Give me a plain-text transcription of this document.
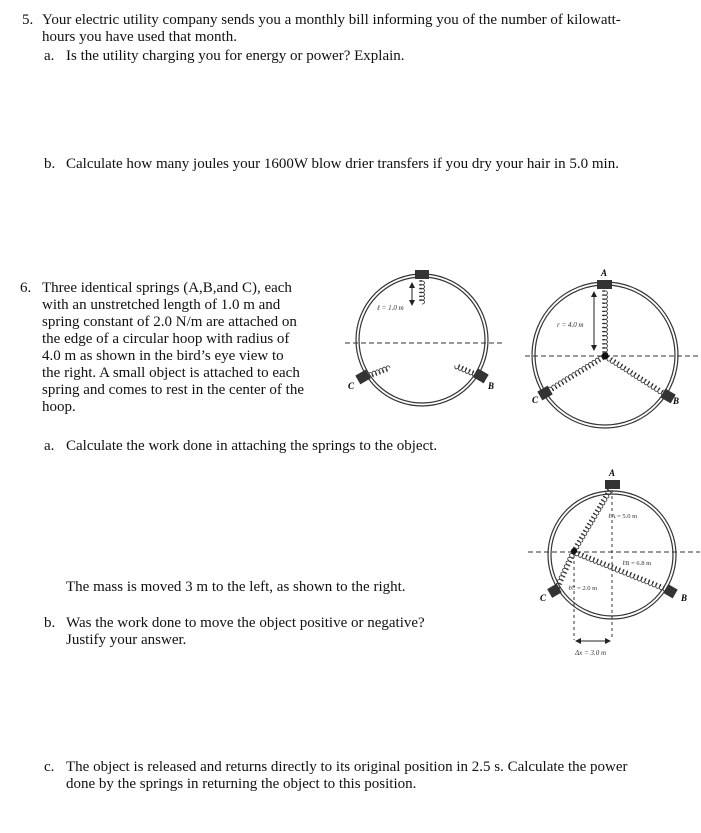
5. Your electric utility company sends you a monthly bill informing you of the number of kilowatt-
hours you have used that month.
a. Is the utility charging you for energy or power? Explain.
b. Calculate how many joules your 1600W blow drier transfers if you dry your hair in 5.0 min.
6. Three identical springs (A,B,and C), each
with an unstretched length of 1.0 m and
spring constant of 2.0 N/m are attached on
the edge of a circular hoop with radius of
4.0 m as shown in the bird’s eye view to
the right. A small object is attached to each
spring and comes to rest in the center of the
hoop.
a. Calculate the work done in attaching the springs to the object.
The mass is moved 3 m to the left, as shown to the right.
b. Was the work done to move the object positive or negative?
Justify your answer.
c. The object is released and returns directly to its original position in 2.5 s. Calculate the power
done by the springs in returning the object to this position.
ℓ = 1.0 m
C	B
r = 4.0 m
A
C	B
A
C	B
ℓA = 5.0 m
ℓB = 6.8 m
ℓC = 2.0 m
Δx = 3.0 m
